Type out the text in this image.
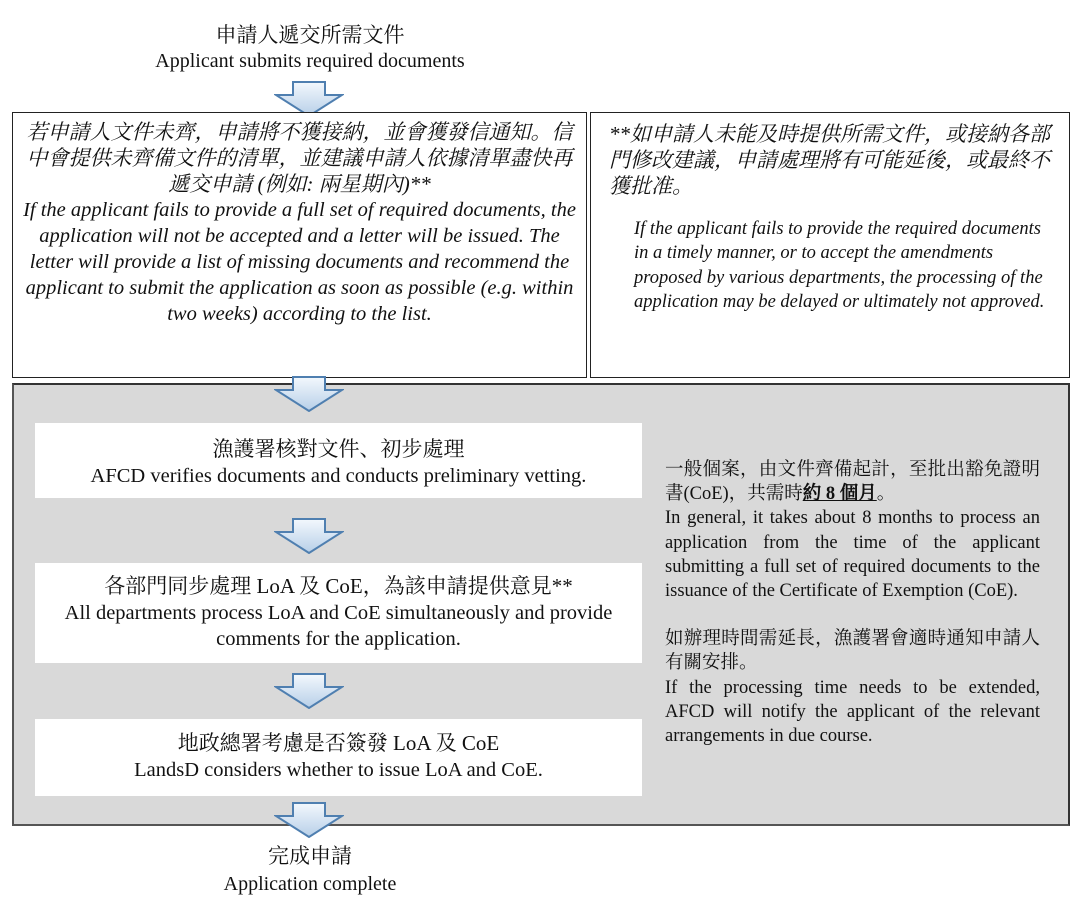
申請人遞交所需文件
Applicant submits required documents
若申請人文件未齊，申請將不獲接納，並會獲發信通知。信中會提供未齊備文件的清單，並建議申請人依據清單盡快再遞交申請 (例如: 兩星期內)**
If the applicant fails to provide a full set of required documents, the application will not be accepted and a letter will be issued. The letter will provide a list of missing documents and recommend the applicant to submit the application as soon as possible (e.g. within two weeks) according to the list.
**如申請人未能及時提供所需文件，或接納各部門修改建議，申請處理將有可能延後，或最終不獲批准。
If the applicant fails to provide the required documents in a timely manner, or to accept the amendments proposed by various departments, the processing of the application may be delayed or ultimately not approved.
漁護署核對文件、初步處理
AFCD verifies documents and conducts preliminary vetting.
各部門同步處理 LoA 及 CoE，為該申請提供意見**
All departments process LoA and CoE simultaneously and provide comments for the application.
地政總署考慮是否簽發 LoA 及 CoE
LandsD considers whether to issue LoA and CoE.
一般個案，由文件齊備起計，至批出豁免證明書(CoE)，共需時約 8 個月。
In general, it takes about 8 months to process an application from the time of the applicant submitting a full set of required documents to the issuance of the Certificate of Exemption (CoE).
如辦理時間需延長，漁護署會適時通知申請人有關安排。
If the processing time needs to be extended, AFCD will notify the applicant of the relevant arrangements in due course.
完成申請
Application complete
